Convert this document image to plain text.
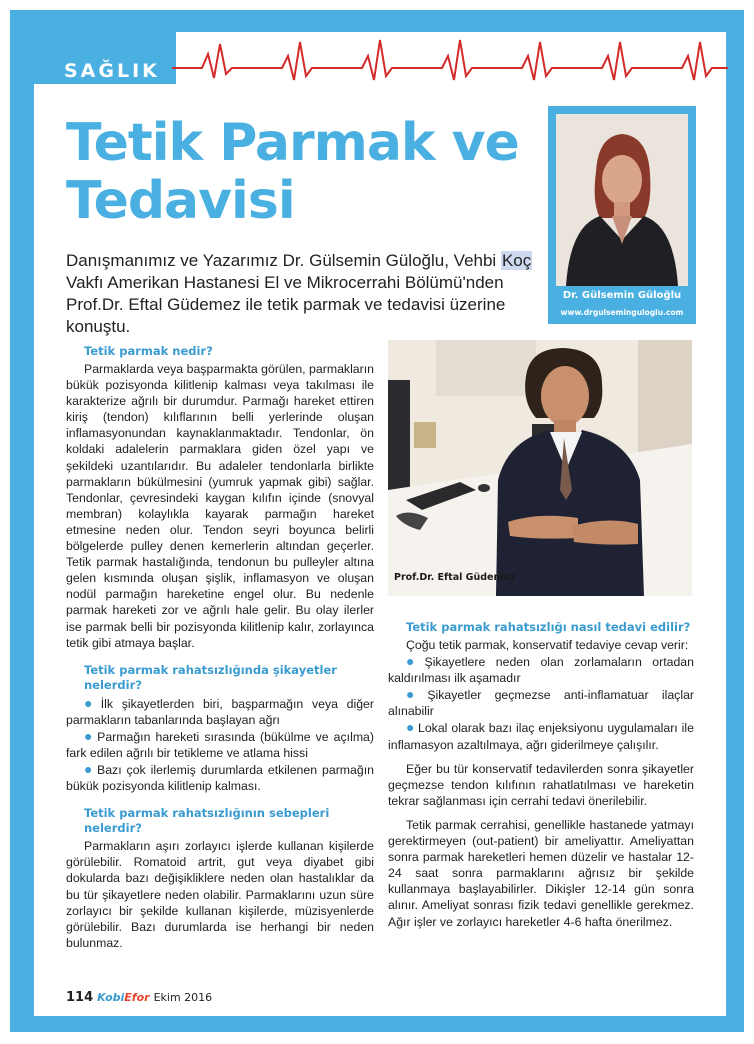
SAĞLIK
Tetik Parmak ve
Tedavisi
Danışmanımız ve Yazarımız Dr. Gülsemin Güloğlu, Vehbi Koç Vakfı Amerikan Hastanesi El ve Mikrocerrahi Bölümü'nden Prof.Dr. Eftal Güdemez ile tetik parmak ve tedavisi üzerine konuştu.
Dr. Gülsemin Güloğlu
www.drgulseminguloglu.com
Prof.Dr. Eftal Güdemez
Tetik parmak nedir?

Parmaklarda veya başparmakta görülen, parmakların bükük pozisyonda kilitlenip kalması veya takılması ile karakterize ağrılı bir durumdur. Parmağı hareket ettiren kiriş (tendon) kılıflarının belli yerlerinde oluşan inflamasyonundan kaynaklanmaktadır. Tendonlar, ön koldaki adalelerin parmaklara giden özel yapı ve şekildeki uzantılarıdır. Bu adaleler tendonlarla birlikte parmakların bükülmesini (yumruk yapmak gibi) sağlar. Tendonlar, çevresindeki kaygan kılıfın içinde (snovyal membran) kolaylıkla kayarak parmağın hareket etmesine neden olur. Tendon seyri boyunca belirli bölgelerde pulley denen kemerlerin altından geçerler. Tetik parmak hastalığında, tendonun bu pulleyler altına gelen kısmında oluşan şişlik, inflamasyon ve oluşan nodül parmağın hareketine engel olur. Bu nedenle parmak hareketi zor ve ağrılı hale gelir. Bu olay ilerler ise parmak belli bir pozisyonda kilitlenip kalır, zorlayınca tetik gibi atmaya başlar.

Tetik parmak rahatsızlığında şikayetler nelerdir?

● İlk şikayetlerden biri, başparmağın veya diğer parmakların tabanlarında başlayan ağrı

● Parmağın hareketi sırasında (bükülme ve açılma) fark edilen ağrılı bir tetikleme ve atlama hissi

● Bazı çok ilerlemiş durumlarda etkilenen parmağın bükük pozisyonda kilitlenip kalması.

Tetik parmak rahatsızlığının sebepleri nelerdir?

Parmakların aşırı zorlayıcı işlerde kullanan kişilerde görülebilir. Romatoid artrit, gut veya diyabet gibi dokularda bazı değişikliklere neden olan hastalıklar da bu tür şikayetlere neden olabilir. Parmaklarını uzun süre zorlayıcı bir şekilde kullanan kişilerde, müzisyenlerde görülebilir. Bazı durumlarda ise herhangi bir neden bulunmaz.

Tetik parmak rahatsızlığı nasıl tedavi edilir?

Çoğu tetik parmak, konservatif tedaviye cevap verir:

● Şikayetlere neden olan zorlamaların ortadan kaldırılması ilk aşamadır

● Şikayetler geçmezse anti-inflamatuar ilaçlar alınabilir

● Lokal olarak bazı ilaç enjeksiyonu uygulamaları ile inflamasyon azaltılmaya, ağrı giderilmeye çalışılır.

Eğer bu tür konservatif tedavilerden sonra şikayetler geçmezse tendon kılıfının rahatlatılması ve hareketin tekrar sağlanması için cerrahi tedavi önerilebilir.

Tetik parmak cerrahisi, genellikle hastanede yatmayı gerektirmeyen (out-patient) bir ameliyattır. Ameliyattan sonra parmak hareketleri hemen düzelir ve hastalar 12-24 saat sonra parmaklarını ağrısız bir şekilde kullanmaya başlayabilirler. Dikişler 12-14 gün sonra alınır. Ameliyat sonrası fizik tedavi genellikle gerekmez. Ağır işler ve zorlayıcı hareketler 4-6 hafta önerilmez.

114 KobiEfor Ekim 2016
